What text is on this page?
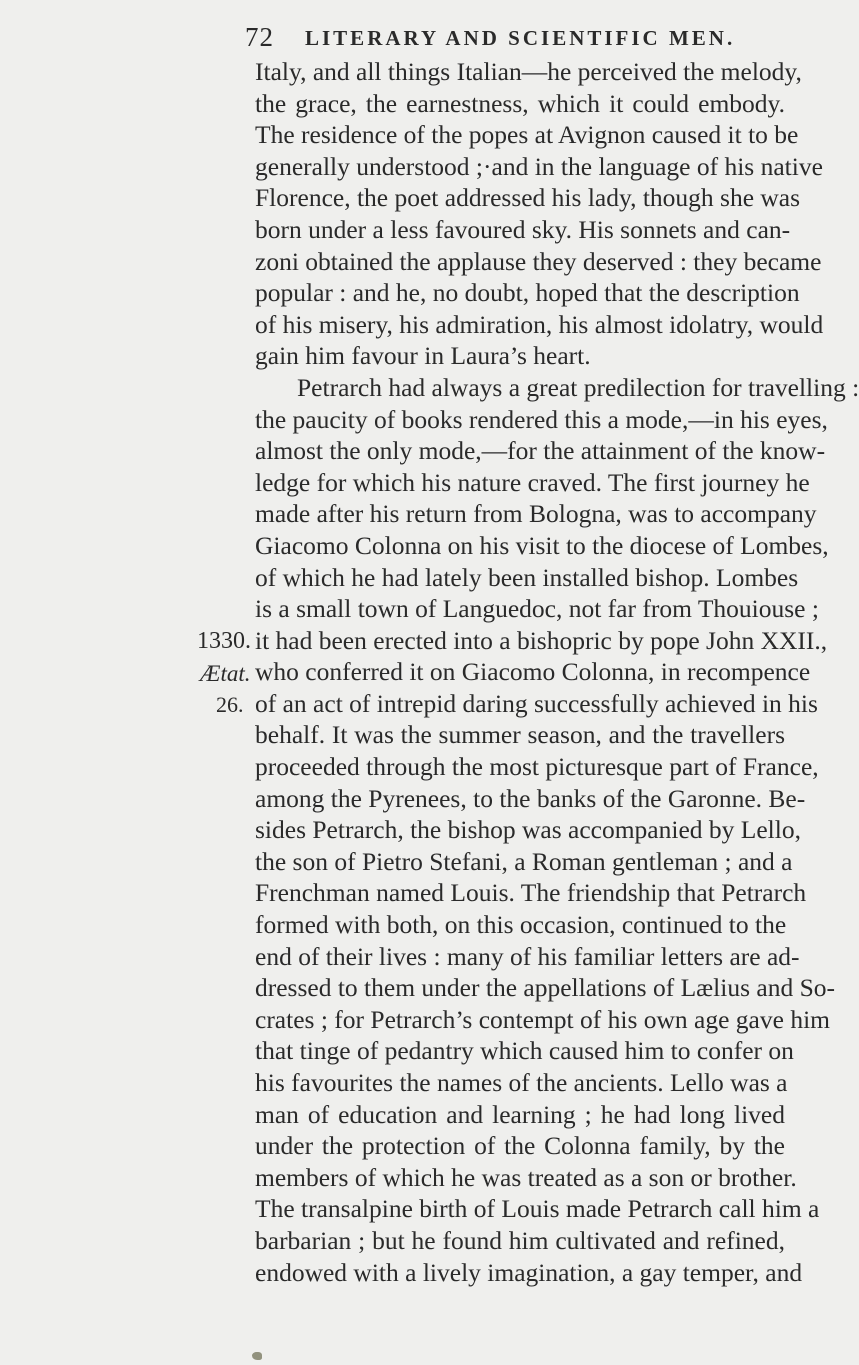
72 LITERARY AND SCIENTIFIC MEN.
1330.
Ætat.
26.
Italy, and all things Italian—he perceived the melody,
the grace, the earnestness, which it could embody.
The residence of the popes at Avignon caused it to be
generally understood ;·and in the language of his native
Florence, the poet addressed his lady, though she was
born under a less favoured sky. His sonnets and can-
zoni obtained the applause they deserved : they became
popular : and he, no doubt, hoped that the description
of his misery, his admiration, his almost idolatry, would
gain him favour in Laura’s heart.
Petrarch had always a great predilection for travelling :
the paucity of books rendered this a mode,—in his eyes,
almost the only mode,—for the attainment of the know-
ledge for which his nature craved. The first journey he
made after his return from Bologna, was to accompany
Giacomo Colonna on his visit to the diocese of Lombes,
of which he had lately been installed bishop. Lombes
is a small town of Languedoc, not far from Thouiouse ;
it had been erected into a bishopric by pope John XXII.,
who conferred it on Giacomo Colonna, in recompence
of an act of intrepid daring successfully achieved in his
behalf. It was the summer season, and the travellers
proceeded through the most picturesque part of France,
among the Pyrenees, to the banks of the Garonne. Be-
sides Petrarch, the bishop was accompanied by Lello,
the son of Pietro Stefani, a Roman gentleman ; and a
Frenchman named Louis. The friendship that Petrarch
formed with both, on this occasion, continued to the
end of their lives : many of his familiar letters are ad-
dressed to them under the appellations of Lælius and So-
crates ; for Petrarch’s contempt of his own age gave him
that tinge of pedantry which caused him to confer on
his favourites the names of the ancients. Lello was a
man of education and learning ; he had long lived
under the protection of the Colonna family, by the
members of which he was treated as a son or brother.
The transalpine birth of Louis made Petrarch call him a
barbarian ; but he found him cultivated and refined,
endowed with a lively imagination, a gay temper, and
